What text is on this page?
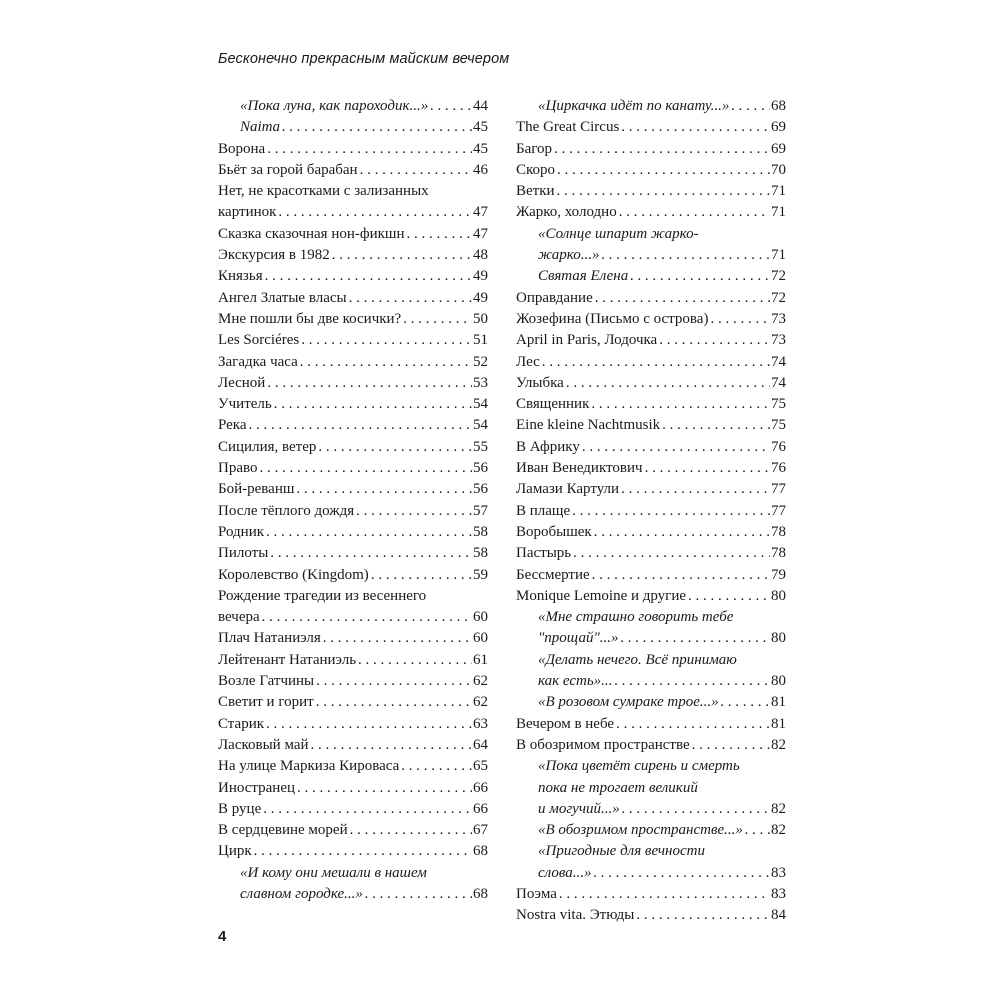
Бесконечно прекрасным майским вечером
«Пока луна, как пароходик...» . . .	44
Naima . . .	45
Ворона . . .	45
Бьёт за горой барабан . . .	46
Нет, не красотками с зализанных
картинок . . .	47
Сказка сказочная нон-фикшн . . .	47
Экскурсия в 1982 . . .	48
Князья . . .	49
Ангел Златые власы . . .	49
Мне пошли бы две косички? . . .	50
Les Sorciéres . . .	51
Загадка часа . . .	52
Лесной . . .	53
Учитель . . .	54
Река . . .	54
Сицилия, ветер . . .	55
Право . . .	56
Бой-реванш . . .	56
После тёплого дождя . . .	57
Родник . . .	58
Пилоты . . .	58
Королевство (Kingdom) . . .	59
Рождение трагедии из весеннего
вечера . . .	60
Плач Натаниэля . . .	60
Лейтенант Натаниэль . . .	61
Возле Гатчины . . .	62
Светит и горит . . .	62
Старик . . .	63
Ласковый май . . .	64
На улице Маркиза Кироваса . . .	65
Иностранец . . .	66
В руце . . .	66
В сердцевине морей . . .	67
Цирк . . .	68
«И кому они мешали в нашем
славном городке...» . . .	68
«Циркачка идёт по канату...» . . .	68
The Great Circus . . .	69
Багор . . .	69
Скоро . . .	70
Ветки . . .	71
Жарко, холодно . . .	71
«Солнце шпарит жарко-
жарко...» . . .	71
Святая Елена . . .	72
Оправдание . . .	72
Жозефина (Письмо с острова) . . .	73
April in Paris, Лодочка . . .	73
Лес . . .	74
Улыбка . . .	74
Священник . . .	75
Eine kleine Nachtmusik . . .	75
В Африку . . .	76
Иван Венедиктович . . .	76
Ламази Картули . . .	77
В плаще . . .	77
Воробышек . . .	78
Пастырь . . .	78
Бессмертие . . .	79
Monique Lemoine и другие . . .	80
«Мне страшно говорить тебе
"прощай"...» . . .	80
«Делать нечего. Всё принимаю
как есть»... . . .	80
«В розовом сумраке трое...» . . .	81
Вечером в небе . . .	81
В обозримом пространстве . . .	82
«Пока цветёт сирень и смерть
пока не трогает великий
и могучий...» . . .	82
«В обозримом пространстве...» . . . 82
«Пригодные для вечности
слова...» . . .	83
Поэма . . .	83
Nostra vita. Этюды . . .	84
4
